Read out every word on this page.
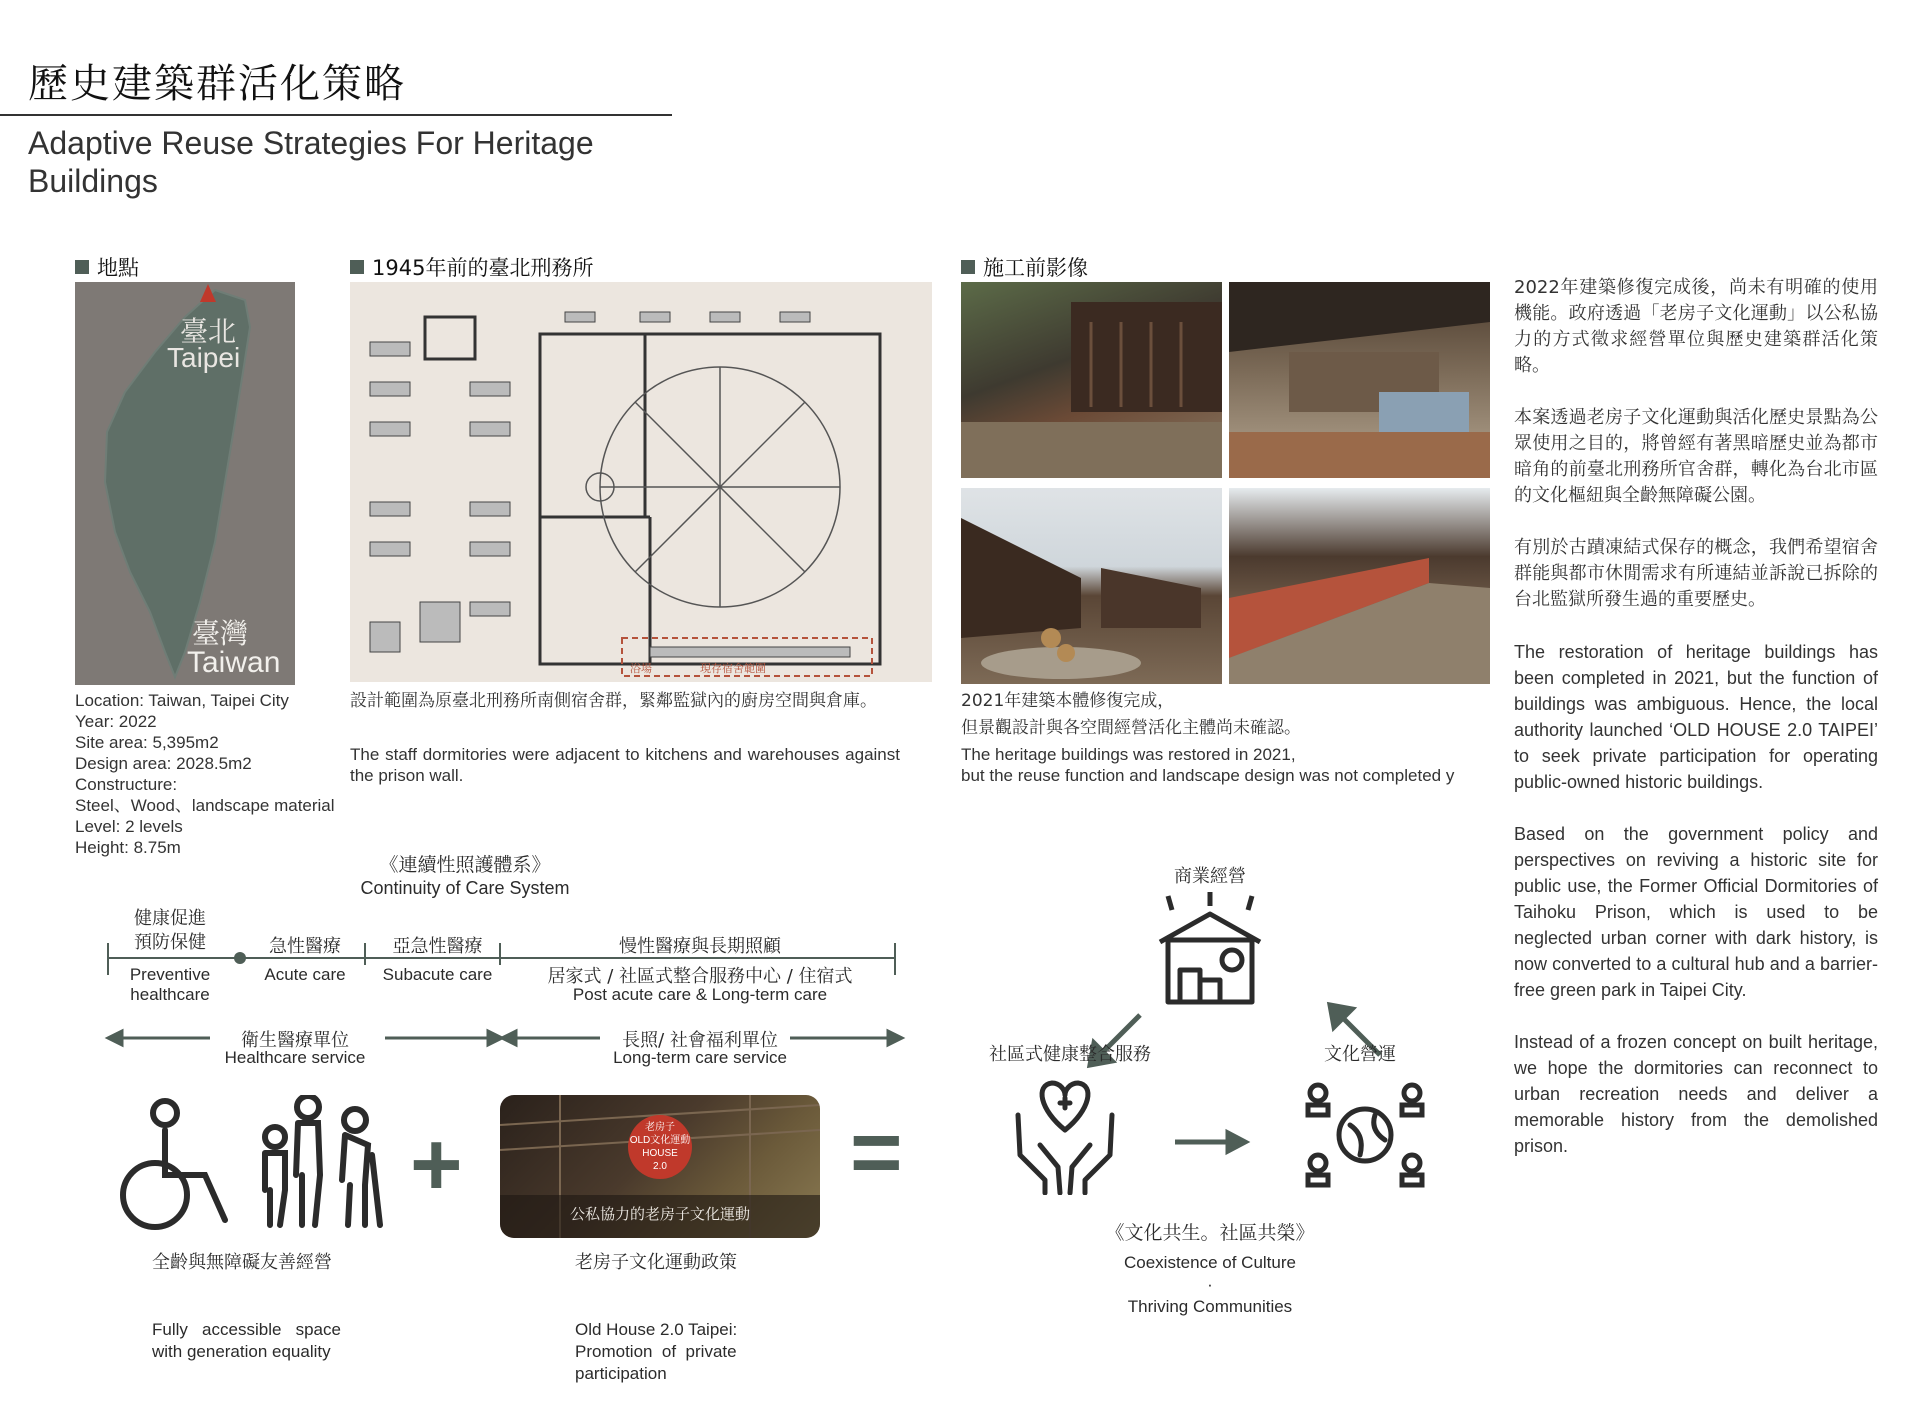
歷史建築群活化策略
Adaptive Reuse Strategies For Heritage Buildings
地點
臺北
Taipei
臺灣
Taiwan
Location: Taiwan, Taipei City
Year: 2022
Site area: 5,395m2
Design area: 2028.5m2
Constructure:
Steel、Wood、landscape material
Level: 2 levels
Height: 8.75m
1945年前的臺北刑務所
浴場	現存宿舍範圍
設計範圍為原臺北刑務所南側宿舍群，緊鄰監獄內的廚房空間與倉庫。
The staff dormitories were adjacent to kitchens and warehouses against the prison wall.
施工前影像
2021年建築本體修復完成，
但景觀設計與各空間經營活化主體尚未確認。
The heritage buildings was restored in 2021,
but the reuse function and landscape design was not completed y
2022年建築修復完成後，尚未有明確的使用機能。政府透過「老房子文化運動」以公私協力的方式徵求經營單位與歷史建築群活化策略。
本案透過老房子文化運動與活化歷史景點為公眾使用之目的，將曾經有著黑暗歷史並為都市暗角的前臺北刑務所官舍群，轉化為台北市區的文化樞紐與全齡無障礙公園。
有別於古蹟凍結式保存的概念，我們希望宿舍群能與都市休閒需求有所連結並訴說已拆除的台北監獄所發生過的重要歷史。
The restoration of heritage buildings has been completed in 2021, but the function of buildings was ambiguous. Hence, the local authority launched ‘OLD HOUSE 2.0 TAIPEI’ to seek private participation for operating public-owned historic buildings.
Based on the government policy and perspectives on reviving a historic site for public use, the Former Official Dormitories of Taihoku Prison, which is used to be neglected urban corner with dark history, is now converted to a cultural hub and a barrier-free green park in Taipei City.
Instead of a frozen concept on built heritage, we hope the dormitories can reconnect to urban recreation needs and deliver a memorable history from the demolished prison.
《連續性照護體系》
Continuity of Care System
健康促進
預防保健
Preventive
healthcare
急性醫療
Acute care
亞急性醫療
Subacute care
慢性醫療與長期照顧
居家式 / 社區式整合服務中心 / 住宿式
Post acute care & Long-term care
衛生醫療單位
Healthcare service
長照/ 社會福利單位
Long-term care service
+	老房子
OLD文化運動
HOUSE
2.0
公私協力的老房子文化運動
=
全齡與無障礙友善經營

Fully   accessible   space
with generation equality

老房子文化運動政策

Old House 2.0 Taipei:
Promotion  of  private
participation

商業經營
社區式健康整合服務	文化營運
《文化共生。社區共榮》
Coexistence of Culture
·
Thriving Communities
